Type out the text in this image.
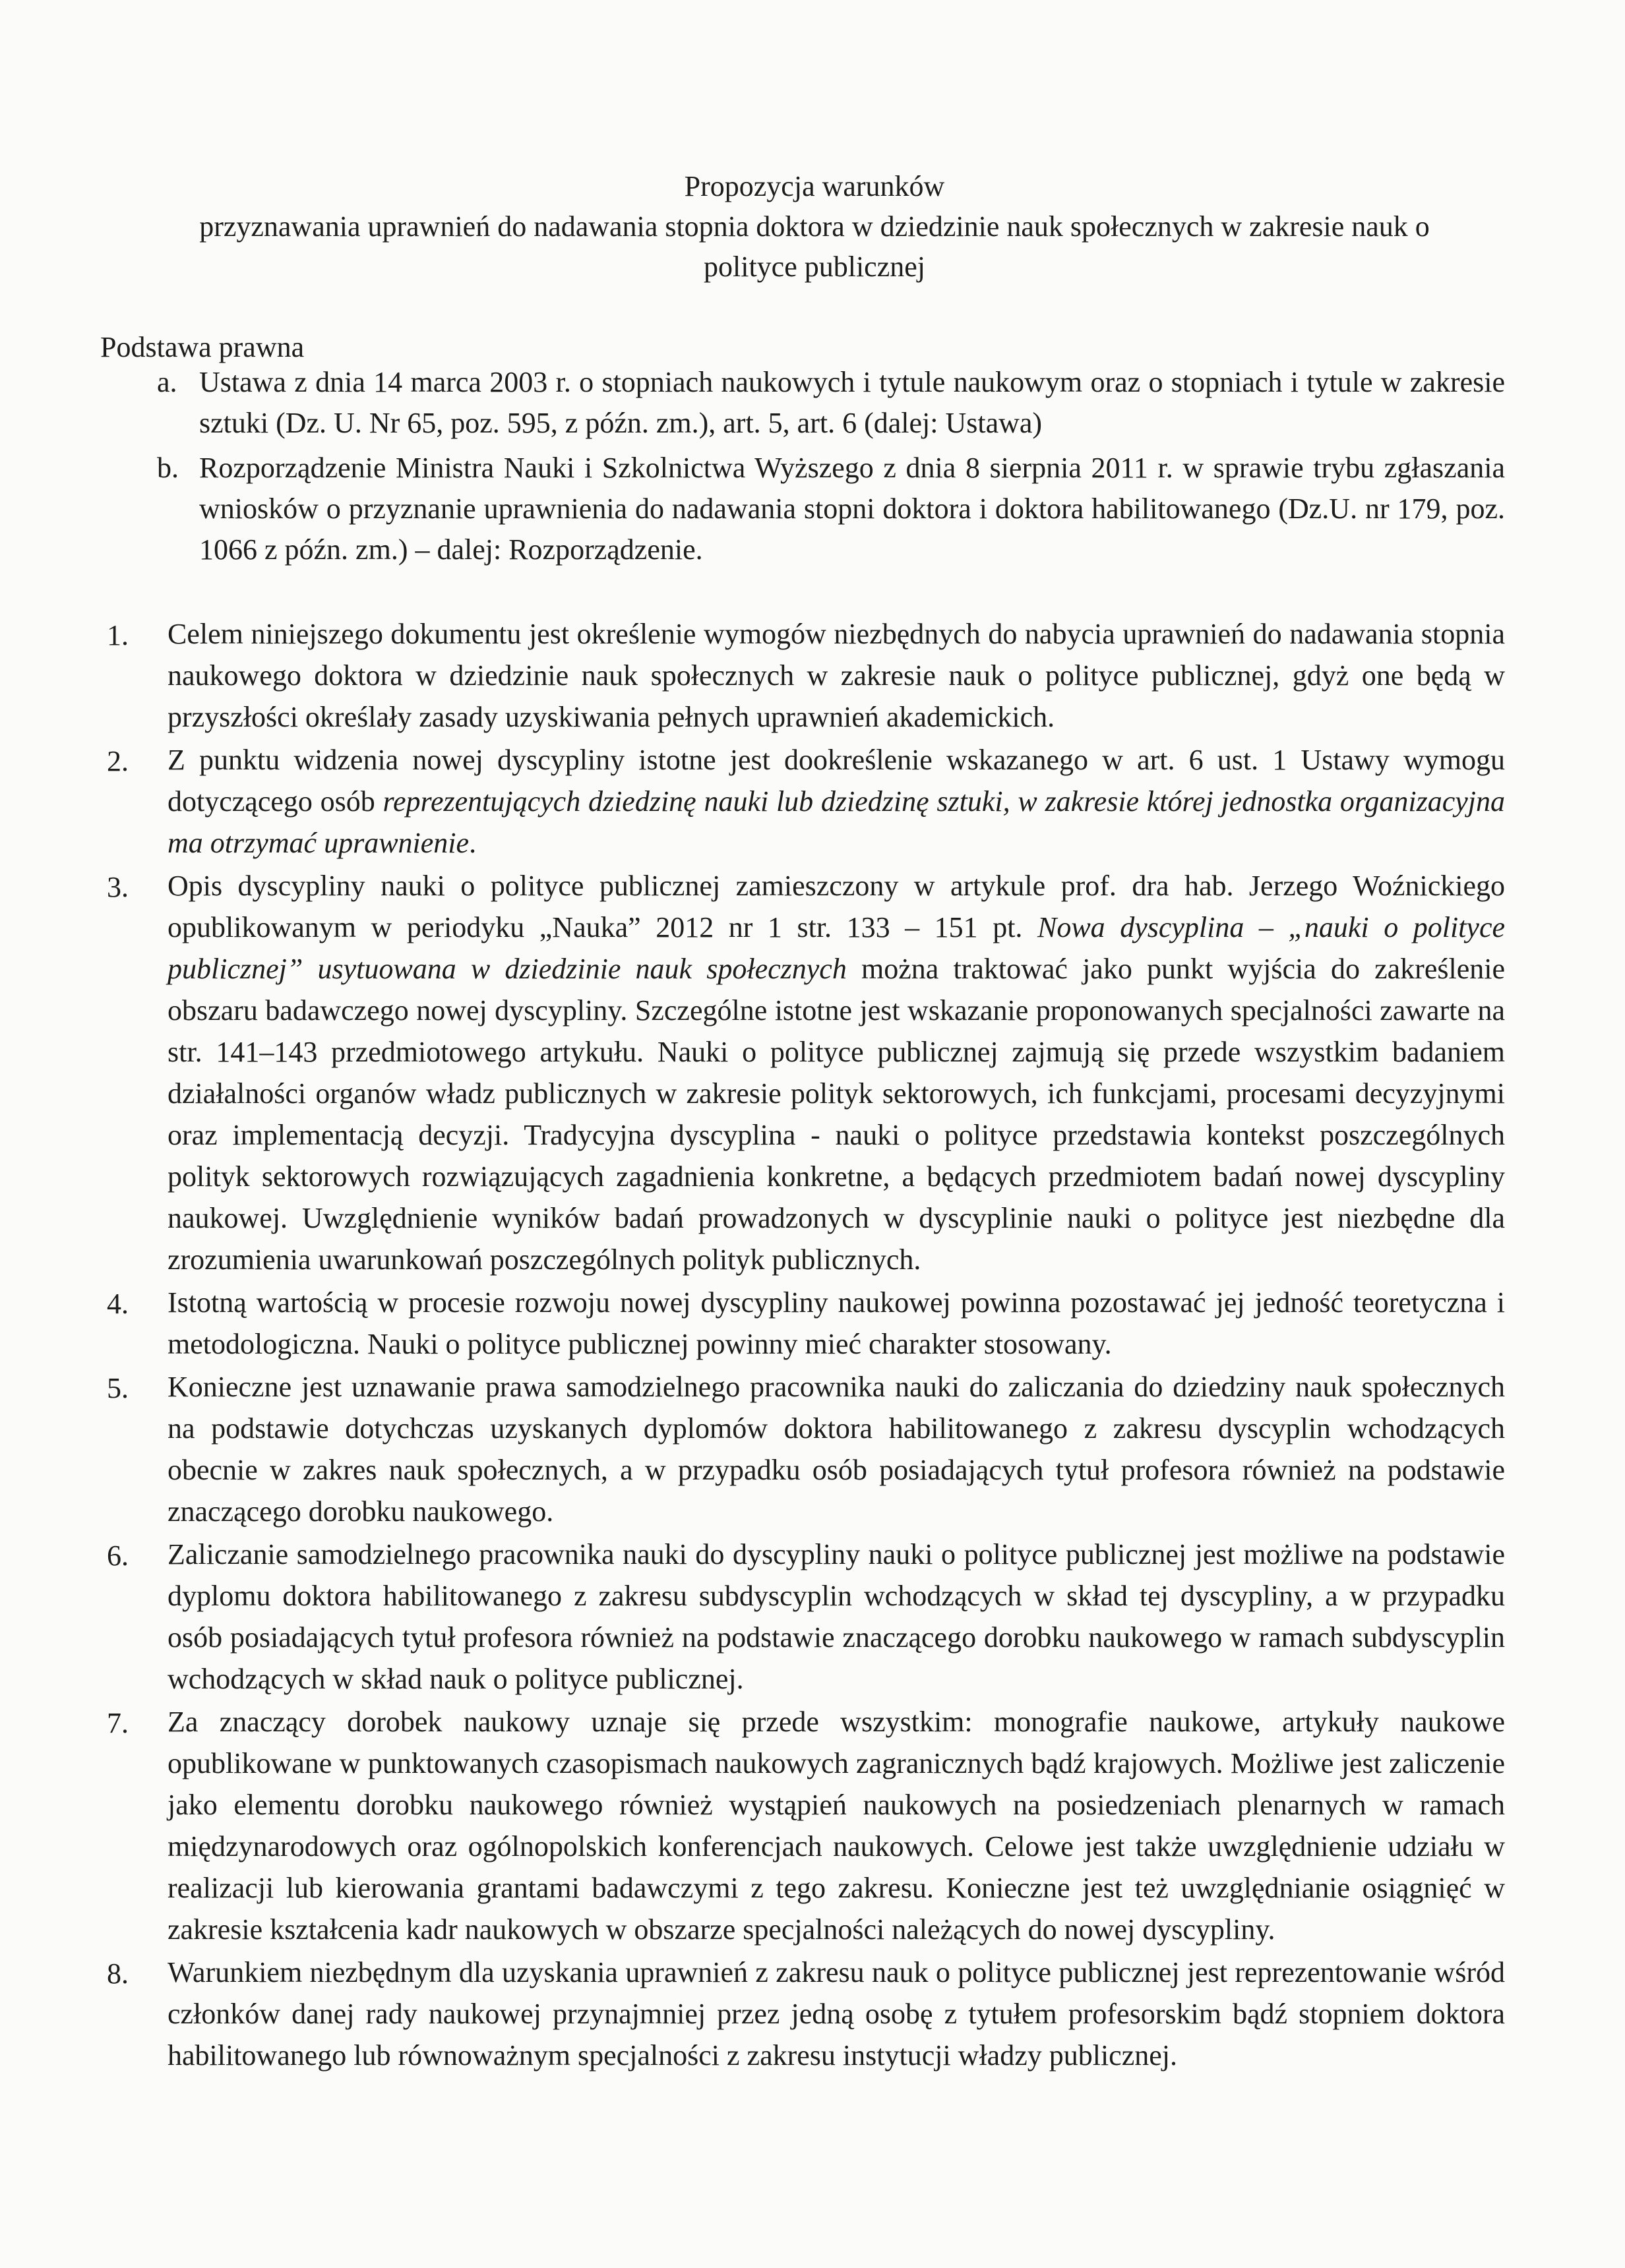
Propozycja warunków
przyznawania uprawnień do nadawania stopnia doktora w dziedzinie nauk społecznych w zakresie nauk o
polityce publicznej
Podstawa prawna
a. Ustawa z dnia 14 marca 2003 r. o stopniach naukowych i tytule naukowym oraz o stopniach i tytule w zakresie sztuki (Dz. U. Nr 65, poz. 595, z późn. zm.), art. 5, art. 6 (dalej: Ustawa)
b. Rozporządzenie Ministra Nauki i Szkolnictwa Wyższego z dnia 8 sierpnia 2011 r. w sprawie trybu zgłaszania wniosków o przyznanie uprawnienia do nadawania stopni doktora i doktora habilitowanego (Dz.U. nr 179, poz. 1066 z późn. zm.) – dalej: Rozporządzenie.
1. Celem niniejszego dokumentu jest określenie wymogów niezbędnych do nabycia uprawnień do nadawania stopnia naukowego doktora w dziedzinie nauk społecznych w zakresie nauk o polityce publicznej, gdyż one będą w przyszłości określały zasady uzyskiwania pełnych uprawnień akademickich.
2. Z punktu widzenia nowej dyscypliny istotne jest dookreślenie wskazanego w art. 6 ust. 1 Ustawy wymogu dotyczącego osób reprezentujących dziedzinę nauki lub dziedzinę sztuki, w zakresie której jednostka organizacyjna ma otrzymać uprawnienie.
3. Opis dyscypliny nauki o polityce publicznej zamieszczony w artykule prof. dra hab. Jerzego Woźnickiego opublikowanym w periodyku „Nauka” 2012 nr 1 str. 133 – 151 pt. Nowa dyscyplina – „nauki o polityce publicznej” usytuowana w dziedzinie nauk społecznych można traktować jako punkt wyjścia do zakreślenie obszaru badawczego nowej dyscypliny. Szczególne istotne jest wskazanie proponowanych specjalności zawarte na str. 141–143 przedmiotowego artykułu. Nauki o polityce publicznej zajmują się przede wszystkim badaniem działalności organów władz publicznych w zakresie polityk sektorowych, ich funkcjami, procesami decyzyjnymi oraz implementacją decyzji. Tradycyjna dyscyplina - nauki o polityce przedstawia kontekst poszczególnych polityk sektorowych rozwiązujących zagadnienia konkretne, a będących przedmiotem badań nowej dyscypliny naukowej. Uwzględnienie wyników badań prowadzonych w dyscyplinie nauki o polityce jest niezbędne dla zrozumienia uwarunkowań poszczególnych polityk publicznych.
4. Istotną wartością w procesie rozwoju nowej dyscypliny naukowej powinna pozostawać jej jedność teoretyczna i metodologiczna. Nauki o polityce publicznej powinny mieć charakter stosowany.
5. Konieczne jest uznawanie prawa samodzielnego pracownika nauki do zaliczania do dziedziny nauk społecznych na podstawie dotychczas uzyskanych dyplomów doktora habilitowanego z zakresu dyscyplin wchodzących obecnie w zakres nauk społecznych, a w przypadku osób posiadających tytuł profesora również na podstawie znaczącego dorobku naukowego.
6. Zaliczanie samodzielnego pracownika nauki do dyscypliny nauki o polityce publicznej jest możliwe na podstawie dyplomu doktora habilitowanego z zakresu subdyscyplin wchodzących w skład tej dyscypliny, a w przypadku osób posiadających tytuł profesora również na podstawie znaczącego dorobku naukowego w ramach subdyscyplin wchodzących w skład nauk o polityce publicznej.
7. Za znaczący dorobek naukowy uznaje się przede wszystkim: monografie naukowe, artykuły naukowe opublikowane w punktowanych czasopismach naukowych zagranicznych bądź krajowych. Możliwe jest zaliczenie jako elementu dorobku naukowego również wystąpień naukowych na posiedzeniach plenarnych w ramach międzynarodowych oraz ogólnopolskich konferencjach naukowych. Celowe jest także uwzględnienie udziału w realizacji lub kierowania grantami badawczymi z tego zakresu. Konieczne jest też uwzględnianie osiągnięć w zakresie kształcenia kadr naukowych w obszarze specjalności należących do nowej dyscypliny.
8. Warunkiem niezbędnym dla uzyskania uprawnień z zakresu nauk o polityce publicznej jest reprezentowanie wśród członków danej rady naukowej przynajmniej przez jedną osobę z tytułem profesorskim bądź stopniem doktora habilitowanego lub równoważnym specjalności z zakresu instytucji władzy publicznej.
